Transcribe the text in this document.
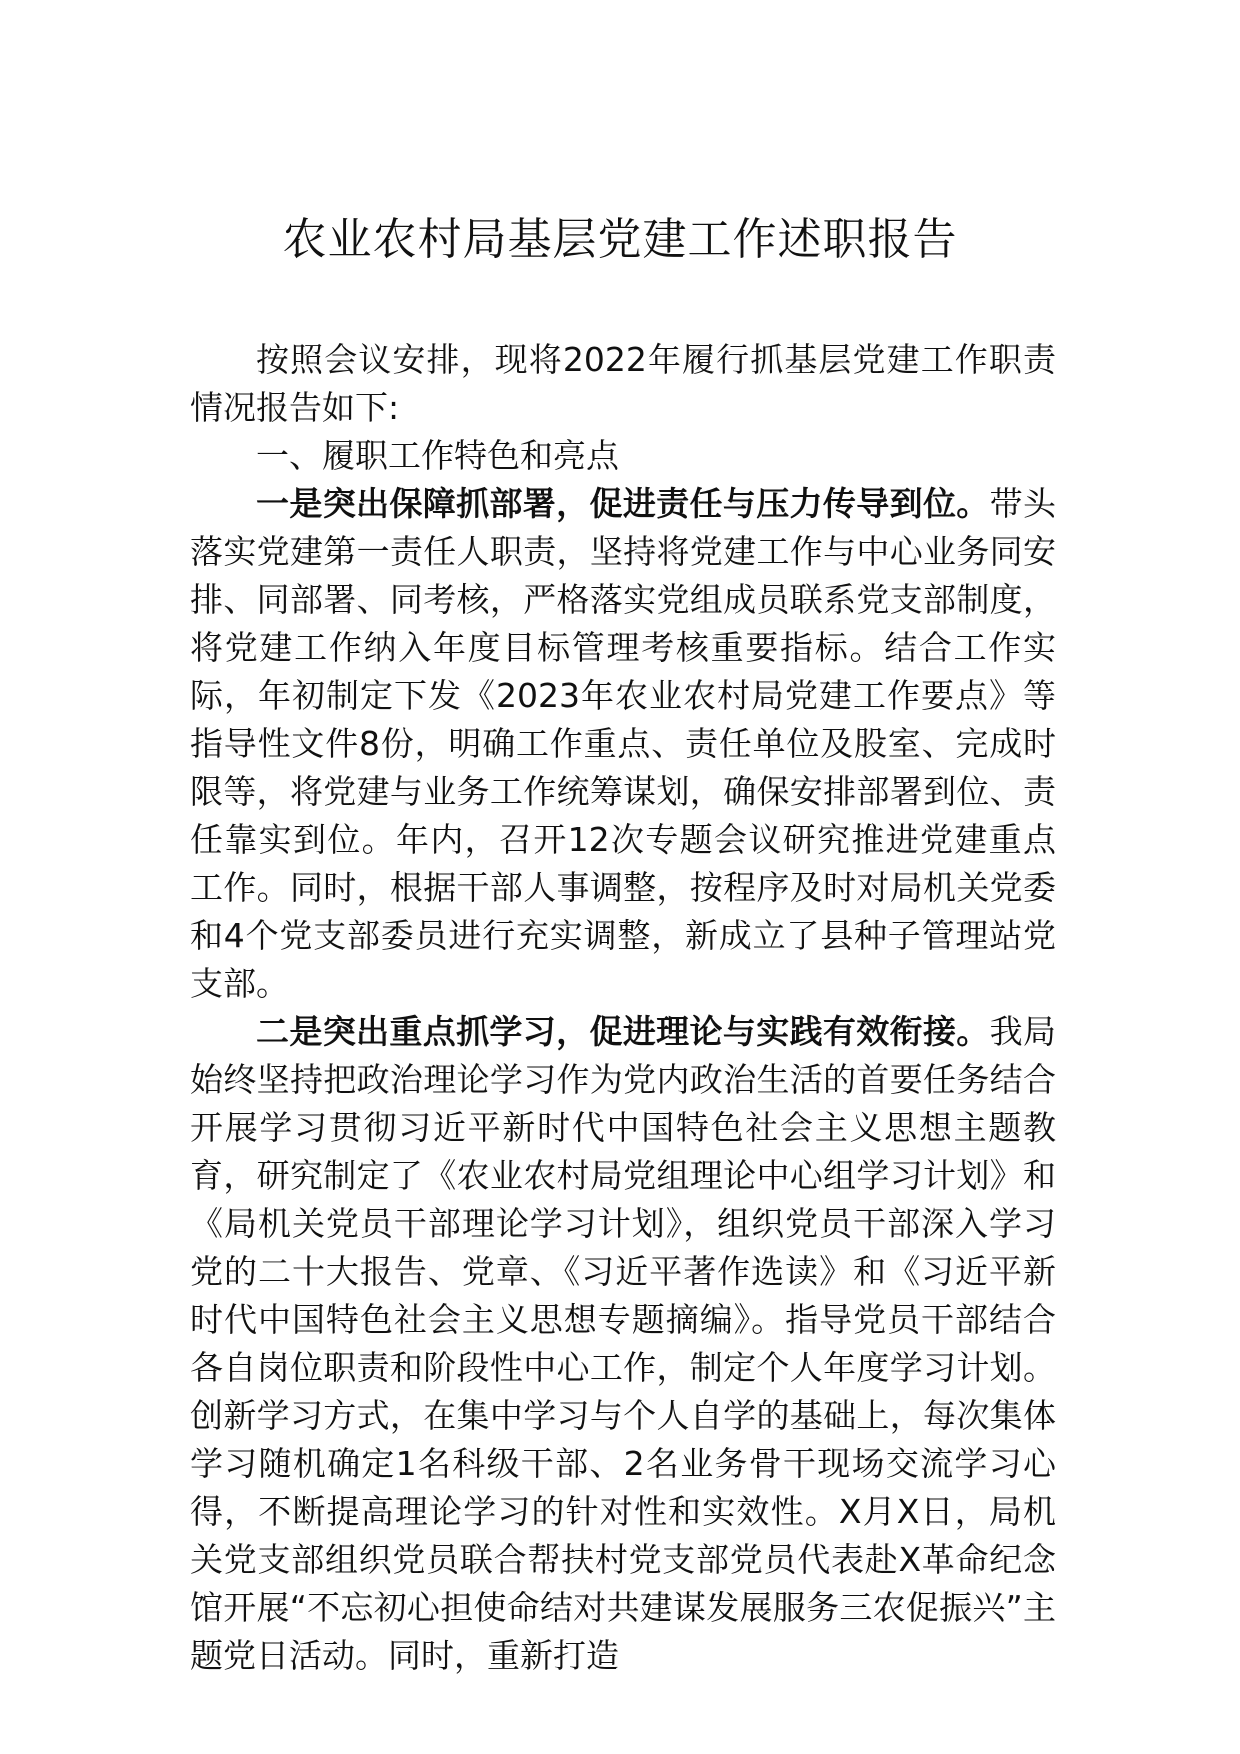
农业农村局基层党建工作述职报告

按照会议安排，现将2022年履行抓基层党建工作职责情况报告如下:

一、履职工作特色和亮点

一是突出保障抓部署，促进责任与压力传导到位。带头落实党建第一责任人职责，坚持将党建工作与中心业务同安排、同部署、同考核，严格落实党组成员联系党支部制度，将党建工作纳入年度目标管理考核重要指标。结合工作实际，年初制定下发《2023年农业农村局党建工作要点》等指导性文件8份，明确工作重点、责任单位及股室、完成时限等，将党建与业务工作统筹谋划，确保安排部署到位、责任靠实到位。年内，召开12次专题会议研究推进党建重点工作。同时，根据干部人事调整，按程序及时对局机关党委和4个党支部委员进行充实调整，新成立了县种子管理站党支部。

二是突出重点抓学习，促进理论与实践有效衔接。我局始终坚持把政治理论学习作为党内政治生活的首要任务结合开展学习贯彻习近平新时代中国特色社会主义思想主题教育，研究制定了《农业农村局党组理论中心组学习计划》和《局机关党员干部理论学习计划》，组织党员干部深入学习党的二十大报告、党章、《习近平著作选读》和《习近平新时代中国特色社会主义思想专题摘编》。指导党员干部结合各自岗位职责和阶段性中心工作，制定个人年度学习计划。创新学习方式，在集中学习与个人自学的基础上，每次集体学习随机确定1名科级干部、2名业务骨干现场交流学习心得，不断提高理论学习的针对性和实效性。X月X日，局机关党支部组织党员联合帮扶村党支部党员代表赴X革命纪念馆开展“不忘初心担使命结对共建谋发展服务三农促振兴”主题党日活动。同时，重新打造
